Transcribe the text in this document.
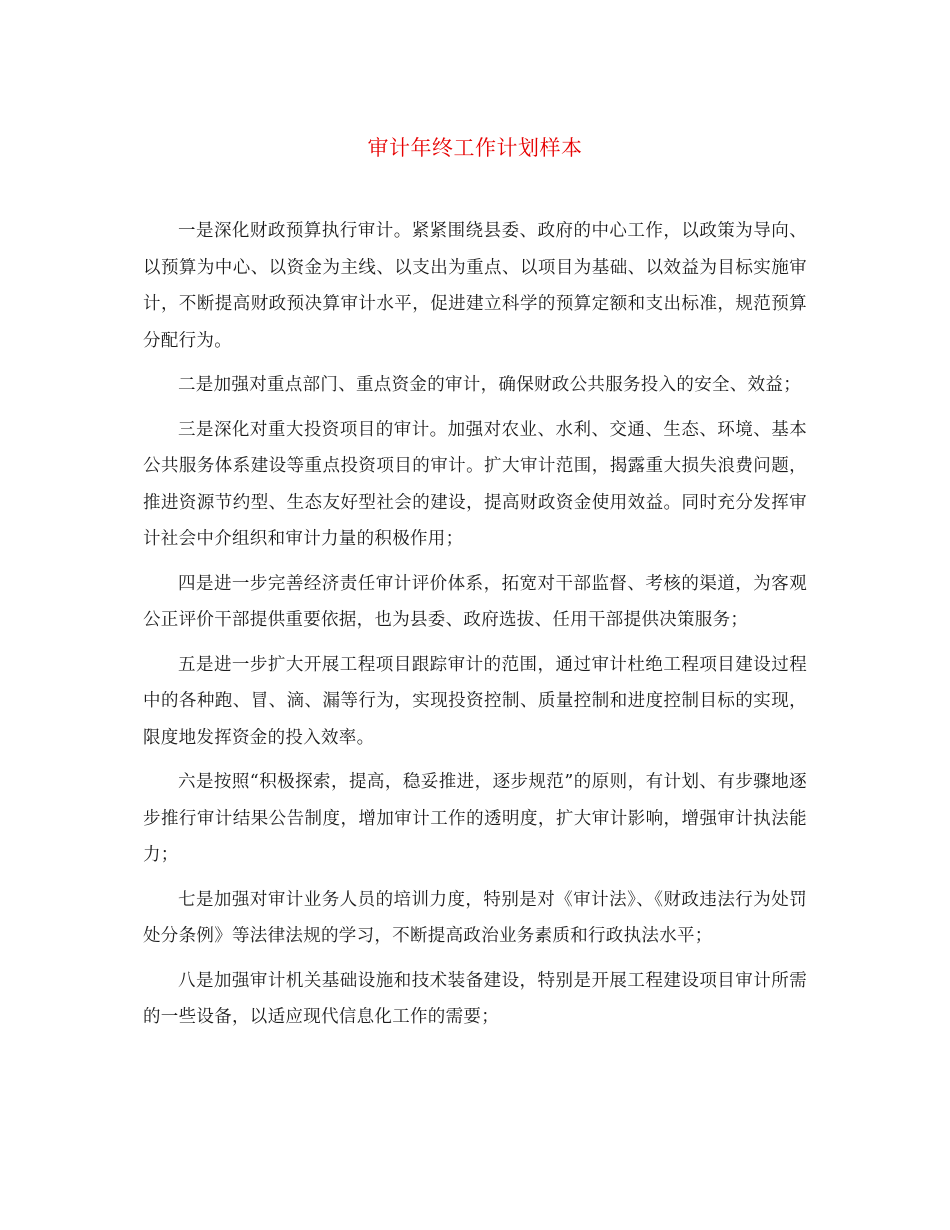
审计年终工作计划样本

一是深化财政预算执行审计。紧紧围绕县委、政府的中心工作，以政策为导向、以预算为中心、以资金为主线、以支出为重点、以项目为基础、以效益为目标实施审计，不断提高财政预决算审计水平，促进建立科学的预算定额和支出标准，规范预算分配行为。

二是加强对重点部门、重点资金的审计，确保财政公共服务投入的安全、效益；

三是深化对重大投资项目的审计。加强对农业、水利、交通、生态、环境、基本公共服务体系建设等重点投资项目的审计。扩大审计范围，揭露重大损失浪费问题，推进资源节约型、生态友好型社会的建设，提高财政资金使用效益。同时充分发挥审计社会中介组织和审计力量的积极作用；

四是进一步完善经济责任审计评价体系，拓宽对干部监督、考核的渠道，为客观公正评价干部提供重要依据，也为县委、政府选拔、任用干部提供决策服务；

五是进一步扩大开展工程项目跟踪审计的范围，通过审计杜绝工程项目建设过程中的各种跑、冒、滴、漏等行为，实现投资控制、质量控制和进度控制目标的实现，限度地发挥资金的投入效率。

六是按照“积极探索，提高，稳妥推进，逐步规范”的原则，有计划、有步骤地逐步推行审计结果公告制度，增加审计工作的透明度，扩大审计影响，增强审计执法能力；

七是加强对审计业务人员的培训力度，特别是对《审计法》、《财政违法行为处罚处分条例》等法律法规的学习，不断提高政治业务素质和行政执法水平；

八是加强审计机关基础设施和技术装备建设，特别是开展工程建设项目审计所需的一些设备，以适应现代信息化工作的需要；
